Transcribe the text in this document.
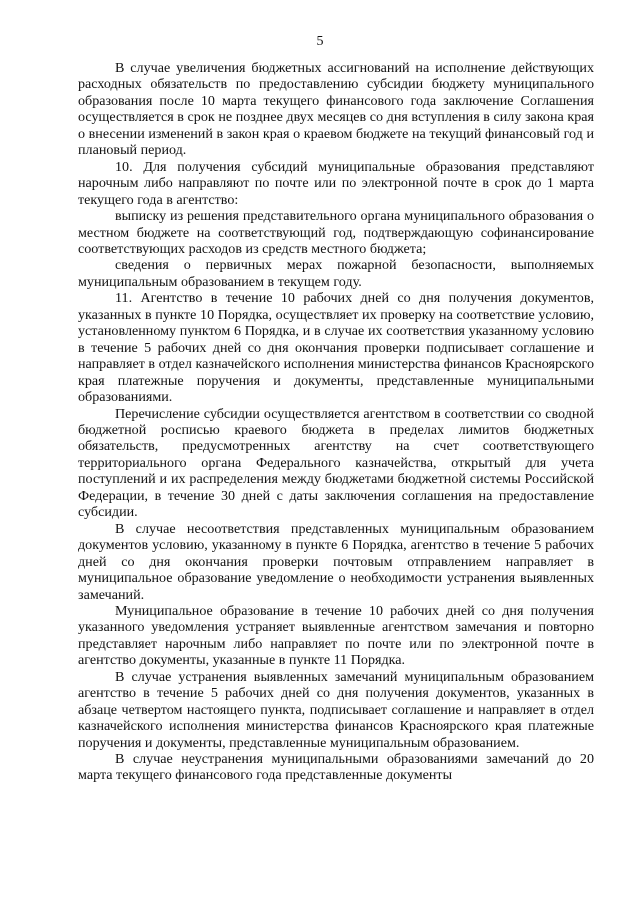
5

В случае увеличения бюджетных ассигнований на исполнение действующих расходных обязательств по предоставлению субсидии бюджету муниципального образования после 10 марта текущего финансового года заключение Соглашения осуществляется в срок не позднее двух месяцев со дня вступления в силу закона края о внесении изменений в закон края о краевом бюджете на текущий финансовый год и плановый период.

10. Для получения субсидий муниципальные образования представляют нарочным либо направляют по почте или по электронной почте в срок до 1 марта текущего года в агентство:

выписку из решения представительного органа муниципального образования о местном бюджете на соответствующий год, подтверждающую софинансирование соответствующих расходов из средств местного бюджета;

сведения о первичных мерах пожарной безопасности, выполняемых муниципальным образованием в текущем году.

11. Агентство в течение 10 рабочих дней со дня получения документов, указанных в пункте 10 Порядка, осуществляет их проверку на соответствие условию, установленному пунктом 6 Порядка, и в случае их соответствия указанному условию в течение 5 рабочих дней со дня окончания проверки подписывает соглашение и направляет в отдел казначейского исполнения министерства финансов Красноярского края платежные поручения и документы, представленные муниципальными образованиями.

Перечисление субсидии осуществляется агентством в соответствии со сводной бюджетной росписью краевого бюджета в пределах лимитов бюджетных обязательств, предусмотренных агентству на счет соответствующего территориального органа Федерального казначейства, открытый для учета поступлений и их распределения между бюджетами бюджетной системы Российской Федерации, в течение 30 дней с даты заключения соглашения на предоставление субсидии.

В случае несоответствия представленных муниципальным образованием документов условию, указанному в пункте 6 Порядка, агентство в течение 5 рабочих дней со дня окончания проверки почтовым отправлением направляет в муниципальное образование уведомление о необходимости устранения выявленных замечаний.

Муниципальное образование в течение 10 рабочих дней со дня получения указанного уведомления устраняет выявленные агентством замечания и повторно представляет нарочным либо направляет по почте или по электронной почте в агентство документы, указанные в пункте 11 Порядка.

В случае устранения выявленных замечаний муниципальным образованием агентство в течение 5 рабочих дней со дня получения документов, указанных в абзаце четвертом настоящего пункта, подписывает соглашение и направляет в отдел казначейского исполнения министерства финансов Красноярского края платежные поручения и документы, представленные муниципальным образованием.

В случае неустранения муниципальными образованиями замечаний до 20 марта текущего финансового года представленные документы
